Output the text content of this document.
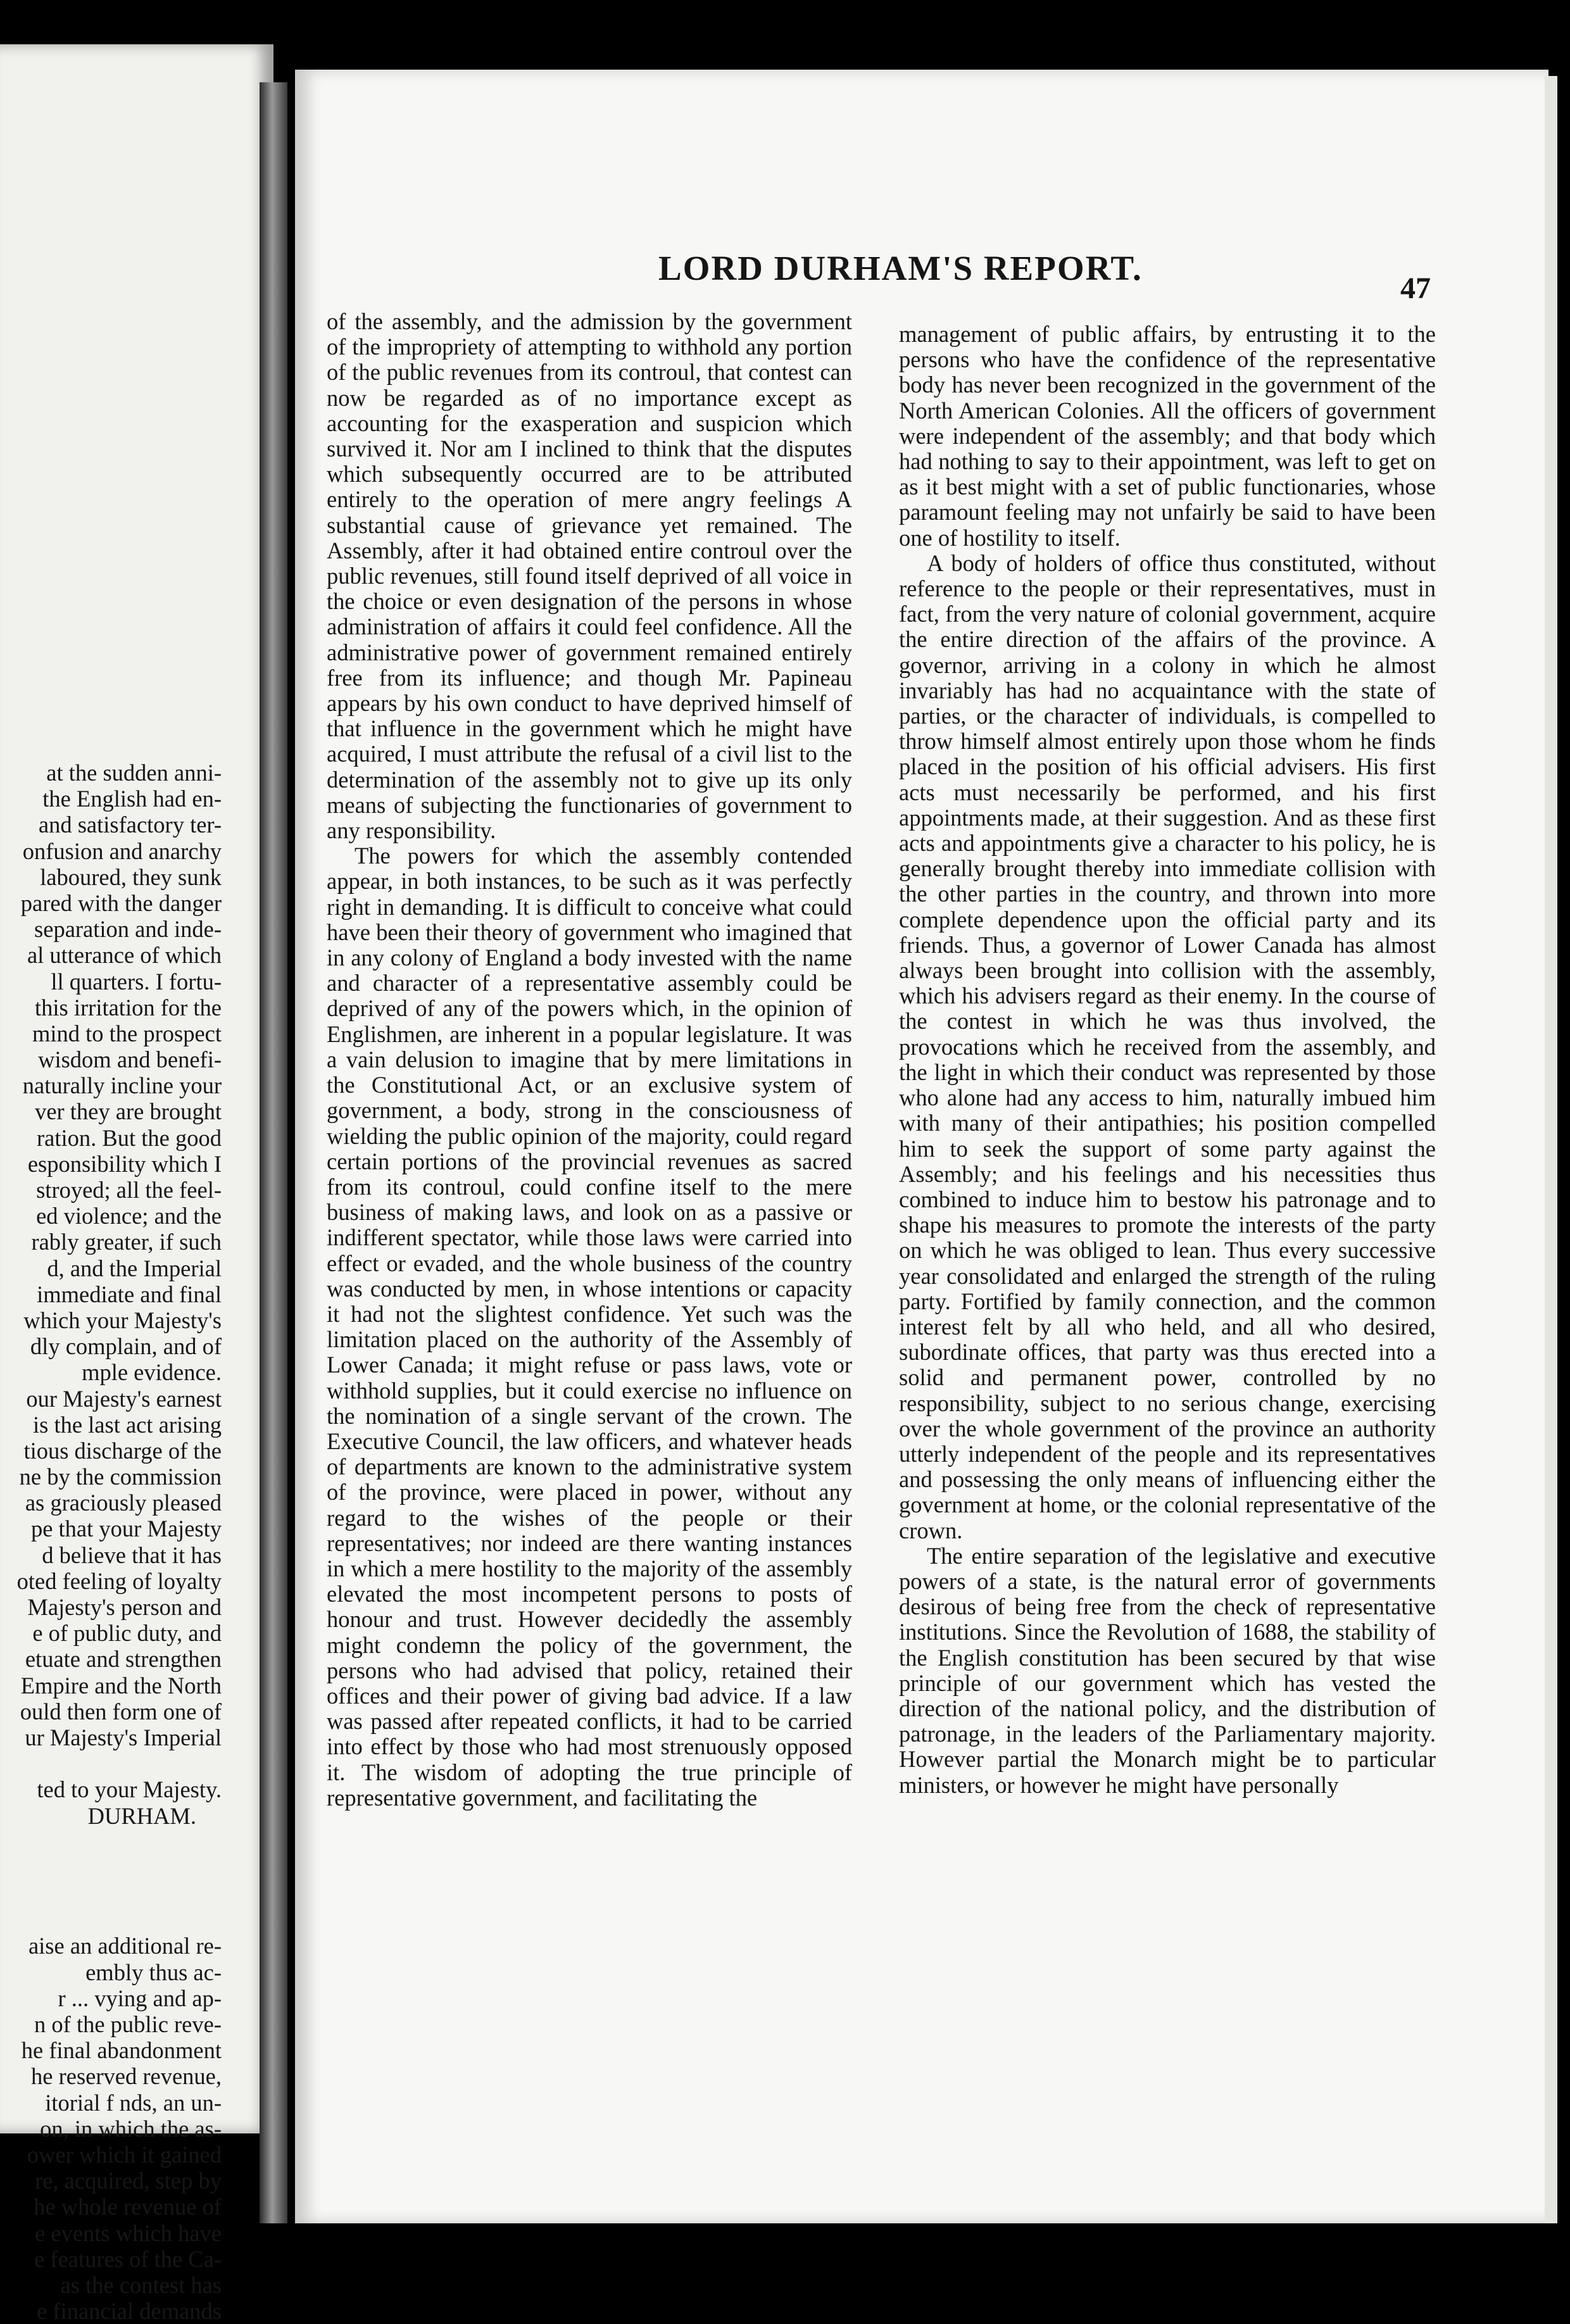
at the sudden anni-
the English had en-
and satisfactory ter-
onfusion and anarchy
laboured, they sunk
pared with the danger
separation and inde-
al utterance of which
ll quarters. I fortu-
this irritation for the
mind to the prospect
wisdom and benefi-
naturally incline your
ver they are brought
ration. But the good
esponsibility which I
stroyed; all the feel-
ed violence; and the
rably greater, if such
d, and the Imperial
immediate and final
which your Majesty's
dly complain, and of
mple evidence.
our Majesty's earnest
is the last act arising
tious discharge of the
ne by the commission
as graciously pleased
pe that your Majesty
d believe that it has
oted feeling of loyalty
Majesty's person and
e of public duty, and
etuate and strengthen
Empire and the North
ould then form one of
ur Majesty's Imperial
ted to your Majesty.
DURHAM.
aise an additional re-
embly thus ac-
r ... vying and ap-
n of the public reve-
he final abandonment
he reserved revenue,
itorial f nds, an un-
on, in which the as-
ower which it gained
re, acquired, step by
he whole revenue of
e events which have
e features of the Ca-
as the contest has
e financial demands
LORD DURHAM'S REPORT.
47

of the assembly, and the admission by the government of the impropriety of attempting to withhold any portion of the public revenues from its controul, that contest can now be regarded as of no importance except as accounting for the exasperation and suspicion which survived it. Nor am I inclined to think that the disputes which subsequently occurred are to be attributed entirely to the operation of mere angry feelings A substantial cause of grievance yet remained. The Assembly, after it had obtained entire controul over the public revenues, still found itself deprived of all voice in the choice or even designation of the persons in whose administration of affairs it could feel confidence. All the administrative power of government remained entirely free from its influence; and though Mr. Papineau appears by his own conduct to have deprived himself of that influence in the government which he might have acquired, I must attribute the refusal of a civil list to the determination of the assembly not to give up its only means of subjecting the functionaries of government to any responsibility.

The powers for which the assembly contended appear, in both instances, to be such as it was perfectly right in demanding. It is difficult to conceive what could have been their theory of government who imagined that in any colony of England a body invested with the name and character of a representative assembly could be deprived of any of the powers which, in the opinion of Englishmen, are inherent in a popular legislature. It was a vain delusion to imagine that by mere limitations in the Constitutional Act, or an exclusive system of government, a body, strong in the consciousness of wielding the public opinion of the majority, could regard certain portions of the provincial revenues as sacred from its controul, could confine itself to the mere business of making laws, and look on as a passive or indifferent spectator, while those laws were carried into effect or evaded, and the whole business of the country was conducted by men, in whose intentions or capacity it had not the slightest confidence. Yet such was the limitation placed on the authority of the Assembly of Lower Canada; it might refuse or pass laws, vote or withhold supplies, but it could exercise no influence on the nomination of a single servant of the crown. The Executive Council, the law officers, and whatever heads of departments are known to the administrative system of the province, were placed in power, without any regard to the wishes of the people or their representatives; nor indeed are there wanting instances in which a mere hostility to the majority of the assembly elevated the most incompetent persons to posts of honour and trust. However decidedly the assembly might condemn the policy of the government, the persons who had advised that policy, retained their offices and their power of giving bad advice. If a law was passed after repeated conflicts, it had to be carried into effect by those who had most strenuously opposed it. The wisdom of adopting the true principle of representative government, and facilitating the

management of public affairs, by entrusting it to the persons who have the confidence of the representative body has never been recognized in the government of the North American Colonies. All the officers of government were independent of the assembly; and that body which had nothing to say to their appointment, was left to get on as it best might with a set of public functionaries, whose paramount feeling may not unfairly be said to have been one of hostility to itself.

A body of holders of office thus constituted, without reference to the people or their representatives, must in fact, from the very nature of colonial government, acquire the entire direction of the affairs of the province. A governor, arriving in a colony in which he almost invariably has had no acquaintance with the state of parties, or the character of individuals, is compelled to throw himself almost entirely upon those whom he finds placed in the position of his official advisers. His first acts must necessarily be performed, and his first appointments made, at their suggestion. And as these first acts and appointments give a character to his policy, he is generally brought thereby into immediate collision with the other parties in the country, and thrown into more complete dependence upon the official party and its friends. Thus, a governor of Lower Canada has almost always been brought into collision with the assembly, which his advisers regard as their enemy. In the course of the contest in which he was thus involved, the provocations which he received from the assembly, and the light in which their conduct was represented by those who alone had any access to him, naturally imbued him with many of their antipathies; his position compelled him to seek the support of some party against the Assembly; and his feelings and his necessities thus combined to induce him to bestow his patronage and to shape his measures to promote the interests of the party on which he was obliged to lean. Thus every successive year consolidated and enlarged the strength of the ruling party. Fortified by family connection, and the common interest felt by all who held, and all who desired, subordinate offices, that party was thus erected into a solid and permanent power, controlled by no responsibility, subject to no serious change, exercising over the whole government of the province an authority utterly independent of the people and its representatives and possessing the only means of influencing either the government at home, or the colonial representative of the crown.

The entire separation of the legislative and executive powers of a state, is the natural error of governments desirous of being free from the check of representative institutions. Since the Revolution of 1688, the stability of the English constitution has been secured by that wise principle of our government which has vested the direction of the national policy, and the distribution of patronage, in the leaders of the Parliamentary majority. However partial the Monarch might be to particular ministers, or however he might have personally
